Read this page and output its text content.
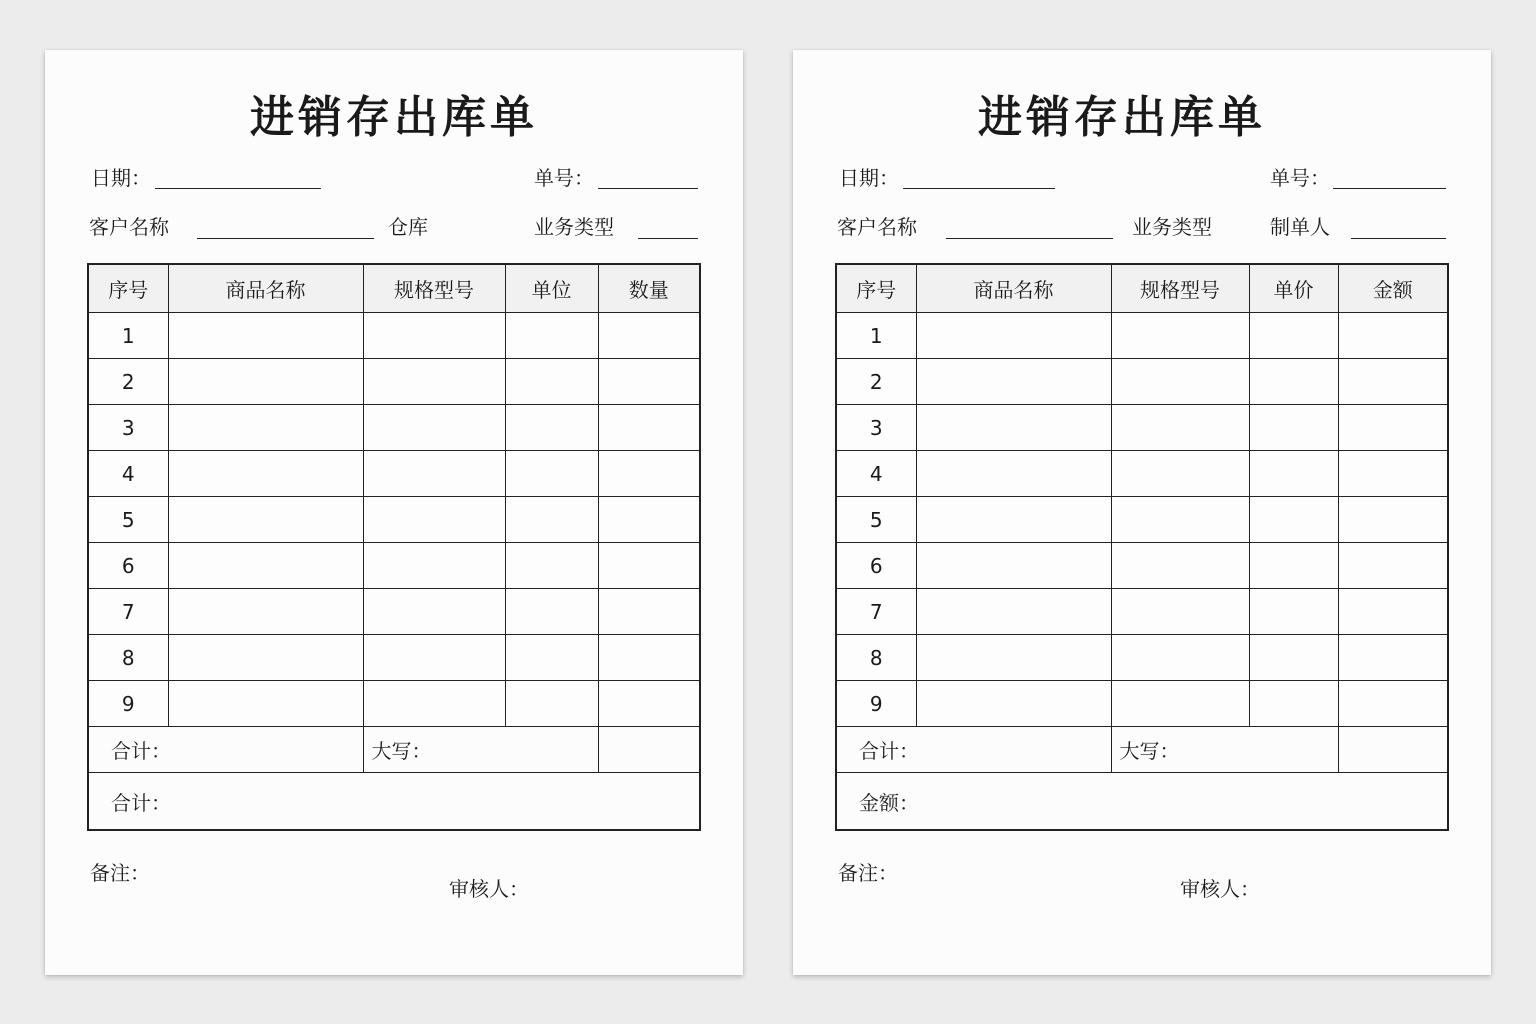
进销存出库单
日期：	单号：
客户名称	仓库	业务类型
序号	商品名称	规格型号	单位	数量
1				
2				
3				
4				
5				
6				
7				
8				
9				
合计：		大写：		
合计：				
备注：
审核人：
进销存出库单
日期：	单号：
客户名称	业务类型	制单人
序号	商品名称	规格型号	单价	金额
1				
2				
3				
4				
5				
6				
7				
8				
9				
合计：		大写：		
金额：				
备注：
审核人：
